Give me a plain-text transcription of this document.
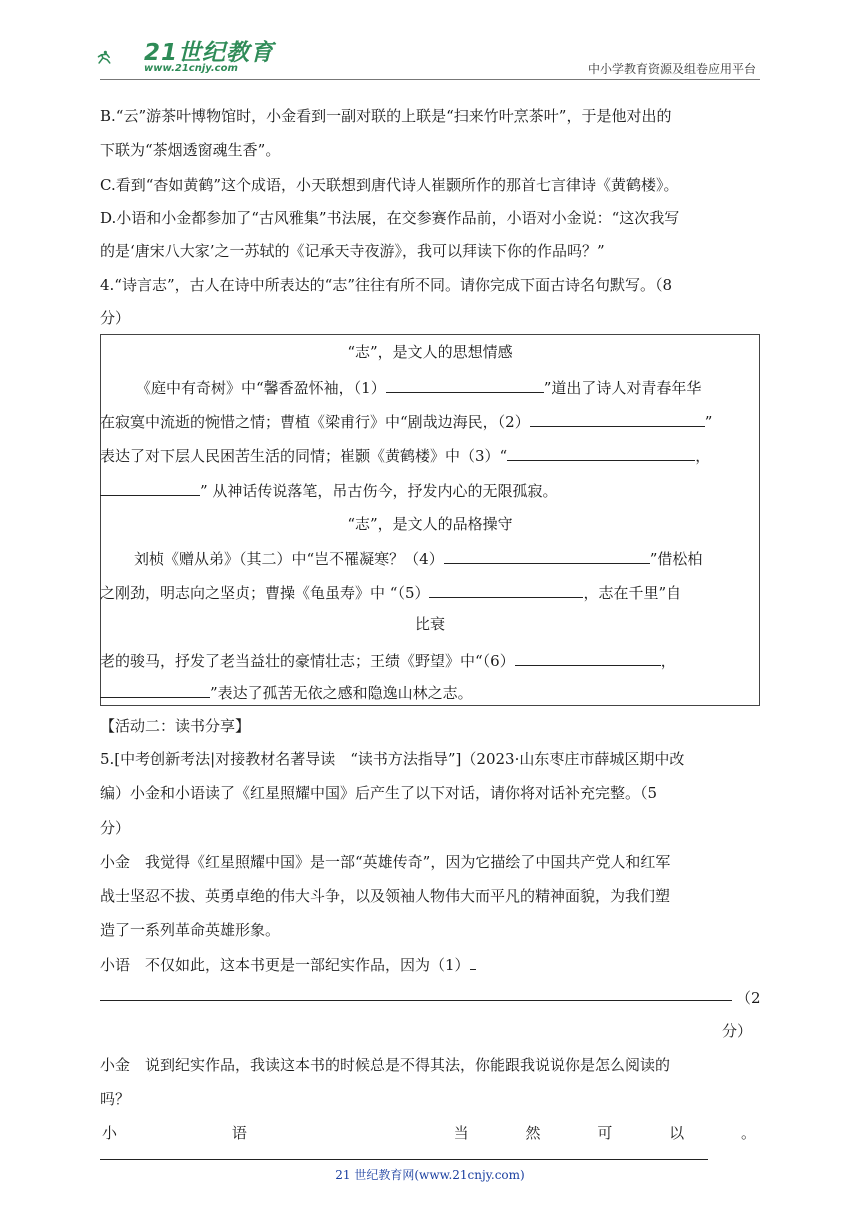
21世纪教育
www.21cnjy.com	中小学教育资源及组卷应用平台
B.“云”游茶叶博物馆时，小金看到一副对联的上联是“扫来竹叶烹茶叶”，于是他对出的
下联为“茶烟透窗魂生香”。
C.看到“杳如黄鹤”这个成语，小天联想到唐代诗人崔颢所作的那首七言律诗《黄鹤楼》。
D.小语和小金都参加了“古风雅集”书法展，在交参赛作品前，小语对小金说：“这次我写
的是‘唐宋八大家’之一苏轼的《记承天寺夜游》，我可以拜读下你的作品吗？”
4.“诗言志”，古人在诗中所表达的“志”往往有所不同。请你完成下面古诗名句默写。（8
分）
“志”，是文人的思想情感
《庭中有奇树》中“馨香盈怀袖，（1）	”道出了诗人对青春年华
在寂寞中流逝的惋惜之情；曹植《梁甫行》中“剧哉边海民，（2）	”
表达了对下层人民困苦生活的同情；崔颢《黄鹤楼》中（3）“	，
” 从神话传说落笔，吊古伤今，抒发内心的无限孤寂。
“志”，是文人的品格操守
刘桢《赠从弟》（其二）中“岂不罹凝寒？（4）	”借松柏
之刚劲，明志向之坚贞；曹操《龟虽寿》中 “（5）	，志在千里”自
比衰
老的骏马，抒发了老当益壮的豪情壮志；王绩《野望》中“（6）	，
”表达了孤苦无依之感和隐逸山林之志。
【活动二：读书分享】
5.[中考创新考法|对接教材名著导读　“读书方法指导”]（2023·山东枣庄市薛城区期中改
编）小金和小语读了《红星照耀中国》后产生了以下对话，请你将对话补充完整。（5
分）
小金　我觉得《红星照耀中国》是一部“英雄传奇”，因为它描绘了中国共产党人和红军
战士坚忍不拔、英勇卓绝的伟大斗争，以及领袖人物伟大而平凡的精神面貌，为我们塑
造了一系列革命英雄形象。
小语　不仅如此，这本书更是一部纪实作品，因为（1）
（2
分）
小金　说到纪实作品，我读这本书的时候总是不得其法，你能跟我说说你是怎么阅读的
吗？
小	语	当	然	可	以	。
21 世纪教育网(www.21cnjy.com)
